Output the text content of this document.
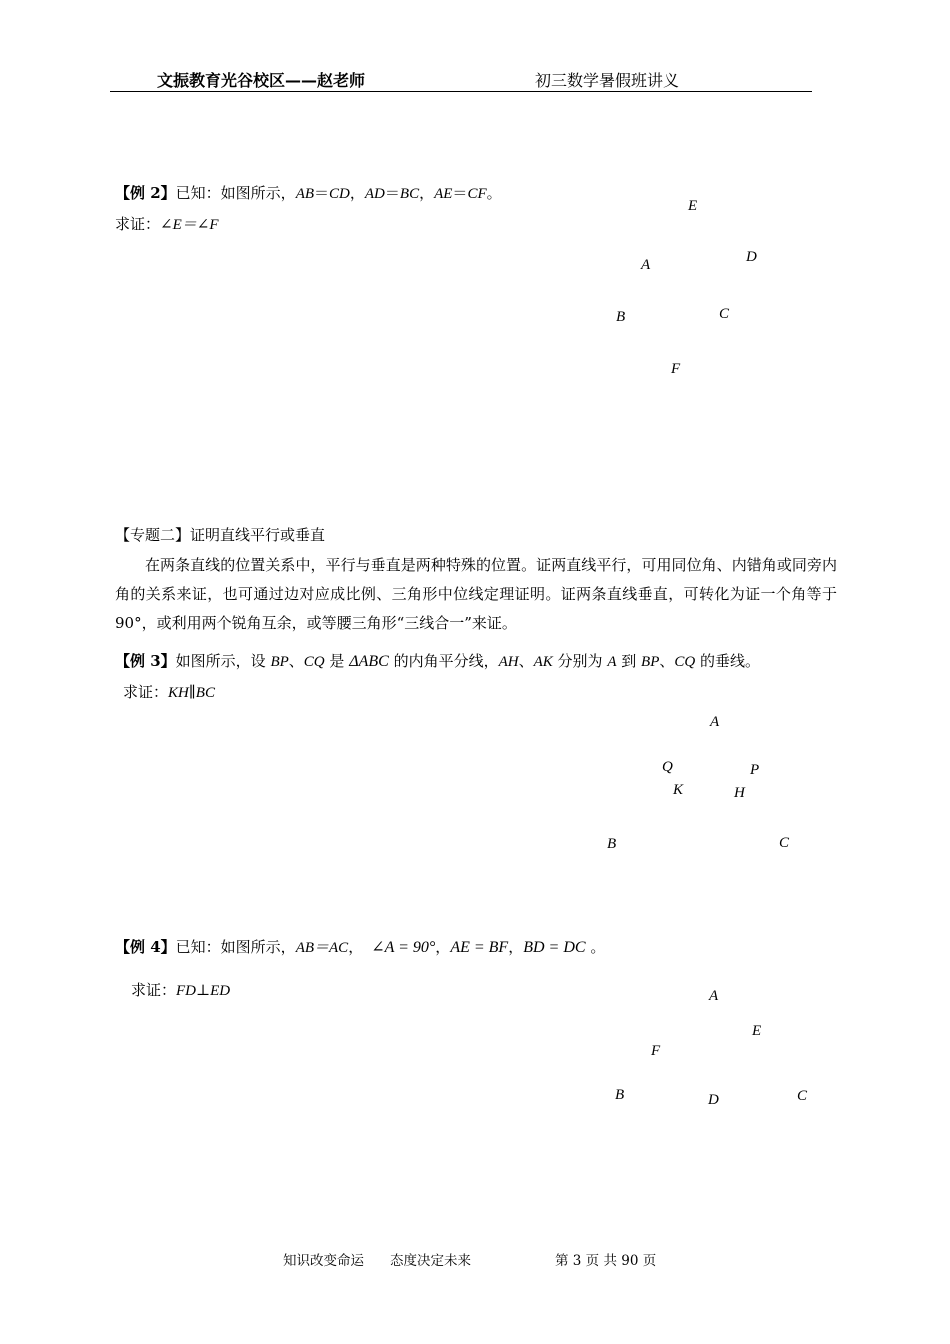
文振教育光谷校区——赵老师	初三数学暑假班讲义
【例 2】已知：如图所示，AB＝CD，AD＝BC，AE＝CF。
求证：∠E＝∠F
E
A	D
B	C
F
【专题二】证明直线平行或垂直
在两条直线的位置关系中，平行与垂直是两种特殊的位置。证两直线平行，可用同位角、内错角或同旁内角的关系来证，也可通过边对应成比例、三角形中位线定理证明。证两条直线垂直，可转化为证一个角等于 90°，或利用两个锐角互余，或等腰三角形“三线合一”来证。
【例 3】如图所示，设 BP、CQ 是 ΔABC 的内角平分线，AH、AK 分别为 A 到 BP、CQ 的垂线。
求证：KH∥BC
A
Q	P
K	H
B	C
【例 4】已知：如图所示，AB＝AC， ∠A = 90°，AE = BF，BD = DC 。
求证：FD⊥ED	A
E
F
B	D	C
知识改变命运 态度决定未来	第 3 页 共 90 页
